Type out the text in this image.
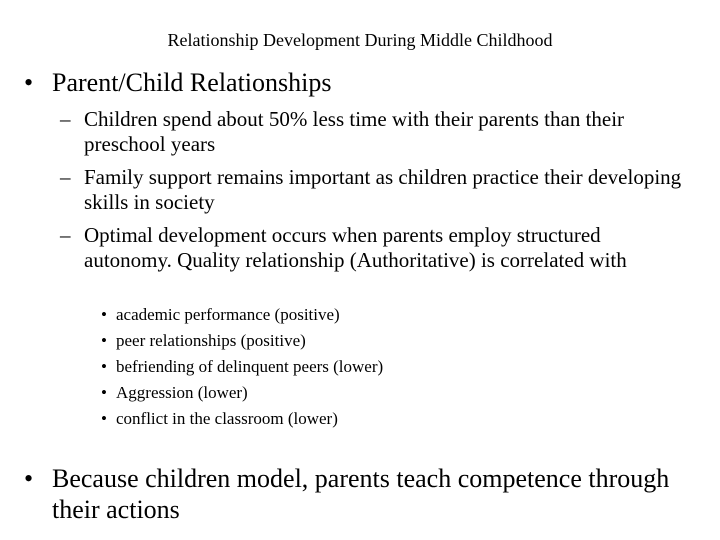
Relationship Development During Middle Childhood
• Parent/Child Relationships
– Children spend about 50% less time with their parents than their preschool years
– Family support remains important as children practice their developing skills in society
– Optimal development occurs when parents employ structured autonomy. Quality relationship (Authoritative) is correlated with
• academic performance (positive)
• peer relationships (positive)
• befriending of delinquent peers (lower)
• Aggression (lower)
• conflict in the classroom (lower)
• Because children model, parents teach competence through their actions
